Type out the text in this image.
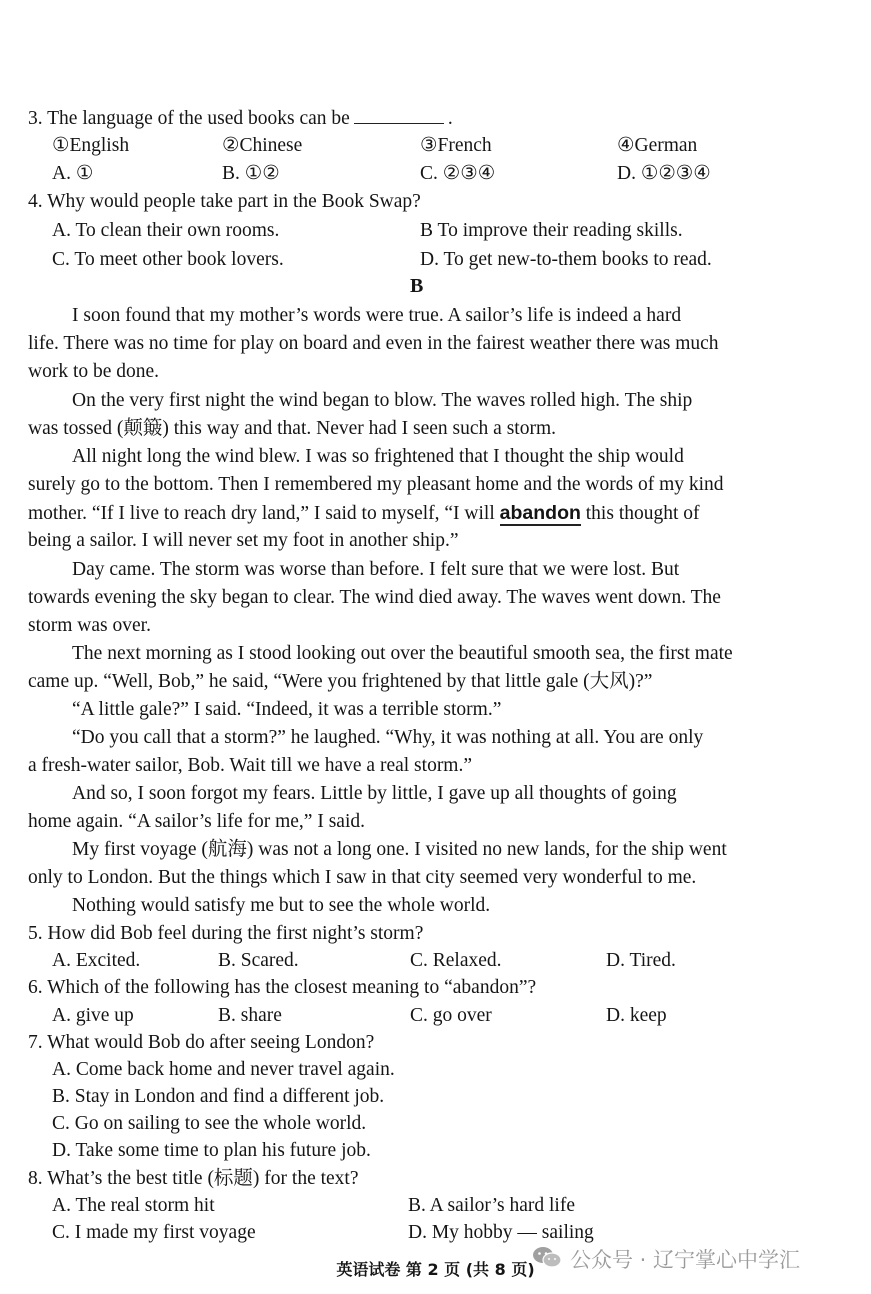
3. The language of the used books can be	.
①English	②Chinese	③French	④German
A. ①	B. ①②	C. ②③④	D. ①②③④
4. Why would people take part in the Book Swap?
A. To clean their own rooms.	B To improve their reading skills.
C. To meet other book lovers.	D. To get new-to-them books to read.
B
I soon found that my mother’s words were true. A sailor’s life is indeed a hard
life. There was no time for play on board and even in the fairest weather there was much
work to be done.
On the very first night the wind began to blow. The waves rolled high. The ship
was tossed (颠簸) this way and that. Never had I seen such a storm.
All night long the wind blew. I was so frightened that I thought the ship would
surely go to the bottom. Then I remembered my pleasant home and the words of my kind
mother. “If I live to reach dry land,” I said to myself, “I will abandon this thought of
being a sailor. I will never set my foot in another ship.”
Day came. The storm was worse than before. I felt sure that we were lost. But
towards evening the sky began to clear. The wind died away. The waves went down. The
storm was over.
The next morning as I stood looking out over the beautiful smooth sea, the first mate
came up. “Well, Bob,” he said, “Were you frightened by that little gale (大风)?”
“A little gale?” I said. “Indeed, it was a terrible storm.”
“Do you call that a storm?” he laughed. “Why, it was nothing at all. You are only
a fresh-water sailor, Bob. Wait till we have a real storm.”
And so, I soon forgot my fears. Little by little, I gave up all thoughts of going
home again. “A sailor’s life for me,” I said.
My first voyage (航海) was not a long one. I visited no new lands, for the ship went
only to London. But the things which I saw in that city seemed very wonderful to me.
Nothing would satisfy me but to see the whole world.
5. How did Bob feel during the first night’s storm?
A. Excited.	B. Scared.	C. Relaxed.	D. Tired.
6. Which of the following has the closest meaning to “abandon”?
A. give up	B. share	C. go over	D. keep
7. What would Bob do after seeing London?
A. Come back home and never travel again.
B. Stay in London and find a different job.
C. Go on sailing to see the whole world.
D. Take some time to plan his future job.
8. What’s the best title (标题) for the text?
A. The real storm hit	B. A sailor’s hard life
C. I made my first voyage	D. My hobby — sailing
公众号 · 辽宁掌心中学汇
英语试卷 第 2 页 (共 8 页)
